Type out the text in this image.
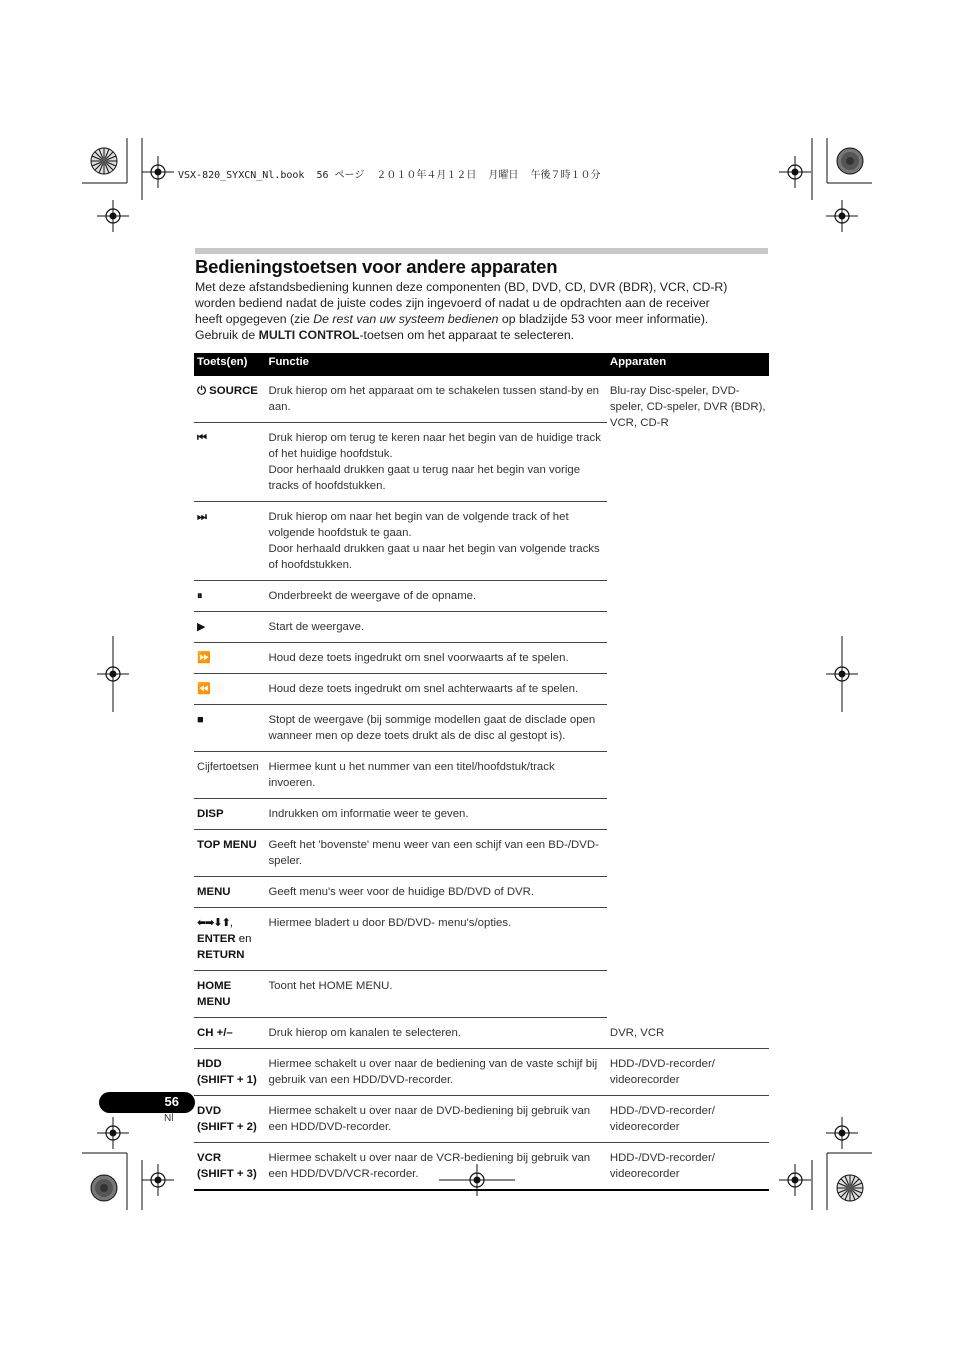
VSX-820_SYXCN_Nl.book  56 ページ  ２０１０年４月１２日  月曜日  午後７時１０分
Bedieningstoetsen voor andere apparaten

Met deze afstandsbediening kunnen deze componenten (BD, DVD, CD, DVR (BDR), VCR, CD-R)

worden bediend nadat de juiste codes zijn ingevoerd of nadat u de opdrachten aan de receiver

heeft opgegeven (zie De rest van uw systeem bedienen op bladzijde 53 voor meer informatie).

Gebruik de MULTI CONTROL-toetsen om het apparaat te selecteren.

Toets(en)	Functie	Apparaten
⏻ SOURCE	Druk hierop om het apparaat om te schakelen tussen stand-by en aan.	Blu-ray Disc-speler, DVD-speler, CD-speler, DVR (BDR), VCR, CD-R
⏮	Druk hierop om terug te keren naar het begin van de huidige track of het huidige hoofdstuk.
Door herhaald drukken gaat u terug naar het begin van vorige tracks of hoofdstukken.	

⏭	Druk hierop om naar het begin van de volgende track of het volgende hoofdstuk te gaan.
Door herhaald drukken gaat u naar het begin van volgende tracks of hoofdstukken.	

⏸	Onderbreekt de weergave of de opname.	
▶	Start de weergave.	
⏩	Houd deze toets ingedrukt om snel voorwaarts af te spelen.	
⏪	Houd deze toets ingedrukt om snel achterwaarts af te spelen.	
■	Stopt de weergave (bij sommige modellen gaat de disclade open wanneer men op deze toets drukt als de disc al gestopt is).	
Cijfertoetsen	Hiermee kunt u het nummer van een titel/hoofdstuk/track invoeren.	
DISP	Indrukken om informatie weer te geven.	
TOP MENU	Geeft het 'bovenste' menu weer van een schijf van een BD-/DVD-speler.	
MENU	Geeft menu's weer voor de huidige BD/DVD of DVR.	
⬅➡⬇⬆,
ENTER en
RETURN	Hiermee bladert u door BD/DVD- menu's/opties.	
HOME MENU	Toont het HOME MENU.	
CH +/–	Druk hierop om kanalen te selecteren.	DVR, VCR

HDD
(SHIFT + 1)	Hiermee schakelt u over naar de bediening van de vaste schijf bij gebruik van een HDD/DVD-recorder.	HDD-/DVD-recorder/ videorecorder

DVD
(SHIFT + 2)	Hiermee schakelt u over naar de DVD-bediening bij gebruik van een HDD/DVD-recorder.	HDD-/DVD-recorder/ videorecorder

VCR
(SHIFT + 3)	Hiermee schakelt u over naar de VCR-bediening bij gebruik van een HDD/DVD/VCR-recorder.	HDD-/DVD-recorder/ videorecorder
56
Nl
